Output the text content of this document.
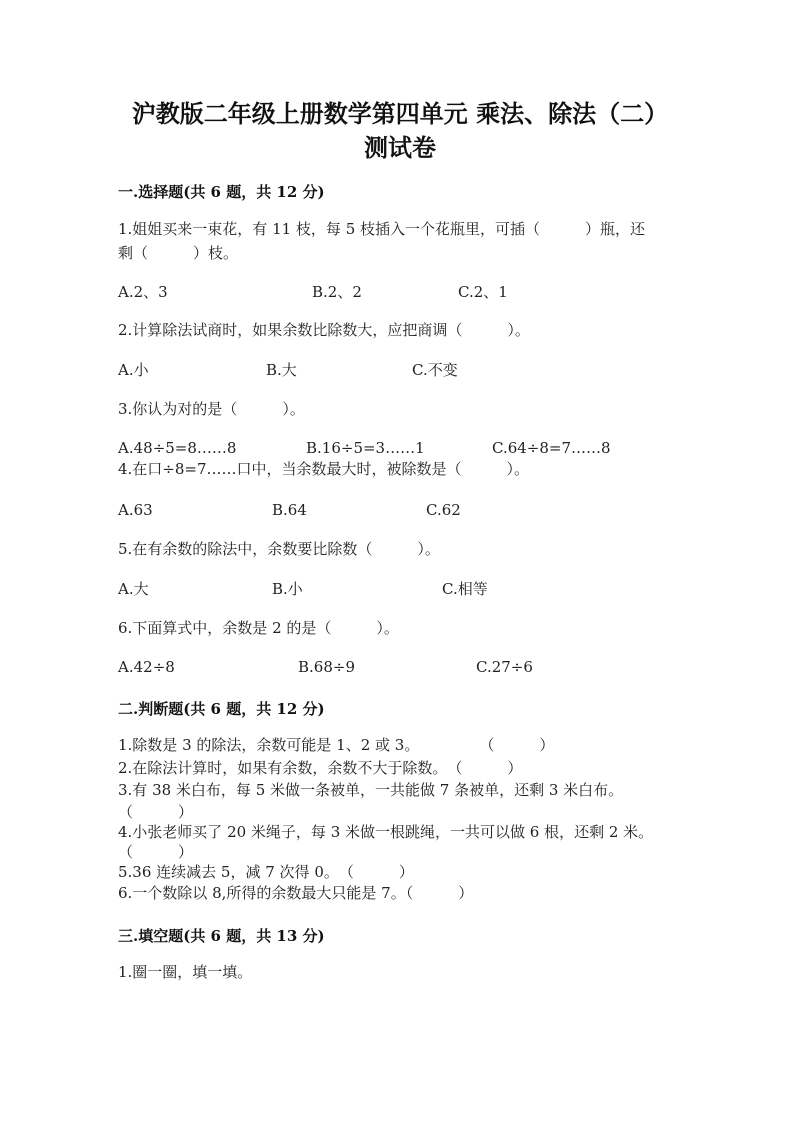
沪教版二年级上册数学第四单元 乘法、除法（二）
测试卷
一.选择题(共 6 题，共 12 分)
1.姐姐买来一束花，有 11 枝，每 5 枝插入一个花瓶里，可插（　　　）瓶，还
剩（　　　）枝。
A.2、3	B.2、2	C.2、1
2.计算除法试商时，如果余数比除数大，应把商调（　　　）。
A.小	B.大	C.不变
3.你认为对的是（　　　）。
A.48÷5=8……8	B.16÷5=3……1	C.64÷8=7……8
4.在口÷8=7……口中，当余数最大时，被除数是（　　　）。
A.63	B.64	C.62
5.在有余数的除法中，余数要比除数（　　　）。
A.大	B.小	C.相等
6.下面算式中，余数是 2 的是（　　　）。
A.42÷8	B.68÷9	C.27÷6
二.判断题(共 6 题，共 12 分)
1.除数是 3 的除法，余数可能是 1、2 或 3。　　　　　（　　　）
2.在除法计算时，如果有余数，余数不大于除数。　（　　　）
3.有 38 米白布，每 5 米做一条被单，一共能做 7 条被单，还剩 3 米白布。
（　　　）
4.小张老师买了 20 米绳子，每 3 米做一根跳绳，一共可以做 6 根，还剩 2 米。
（　　　）
5.36 连续减去 5，减 7 次得 0。　（　　　）
6.一个数除以 8,所得的余数最大只能是 7。（　　　）
三.填空题(共 6 题，共 13 分)
1.圈一圈，填一填。
